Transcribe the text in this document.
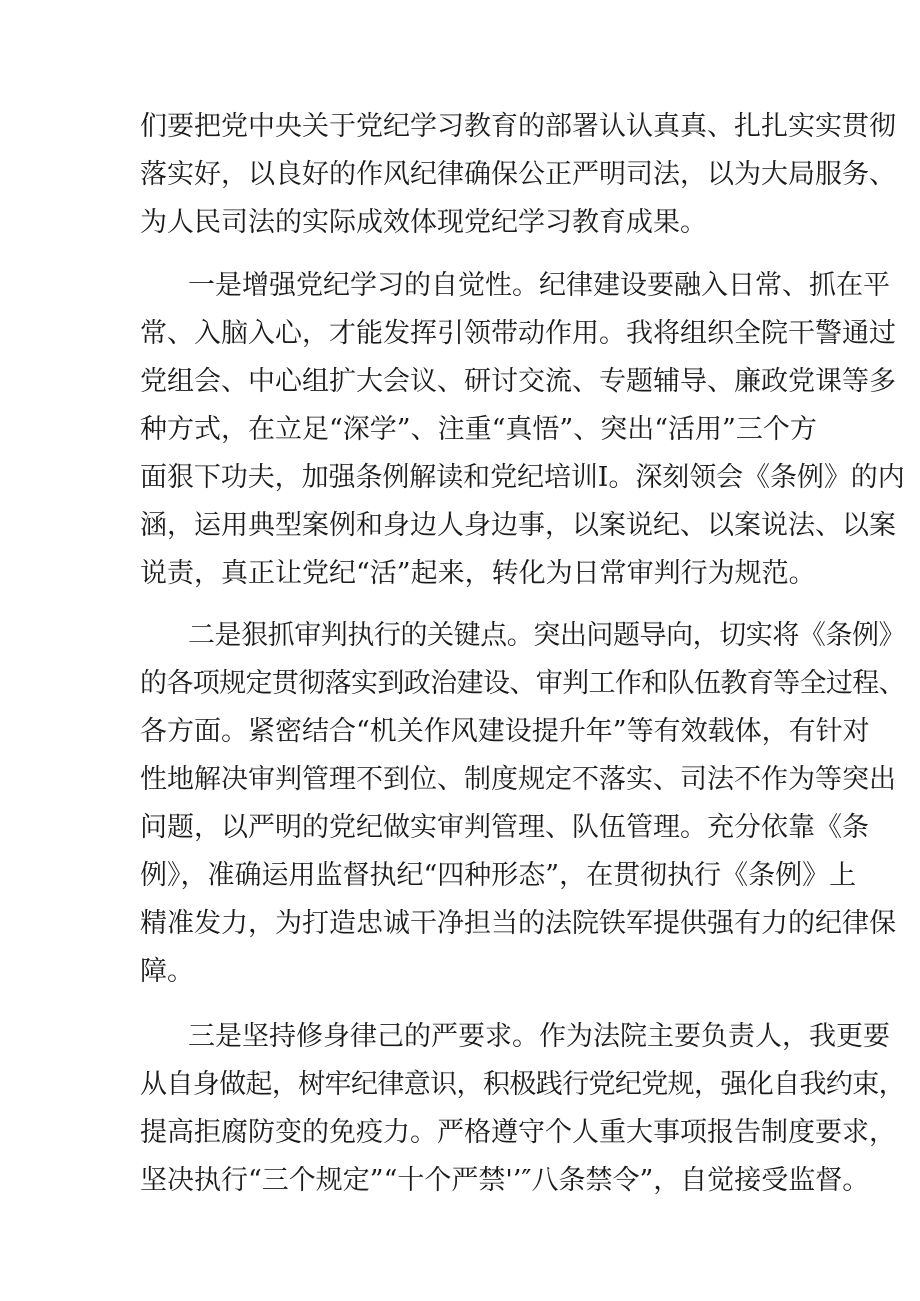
们要把党中央关于党纪学习教育的部署认认真真、扎扎实实贯彻
落实好，以良好的作风纪律确保公正严明司法，以为大局服务、
为人民司法的实际成效体现党纪学习教育成果。
一是增强党纪学习的自觉性。纪律建设要融入日常、抓在平
常、入脑入心，才能发挥引领带动作用。我将组织全院干警通过
党组会、中心组扩大会议、研讨交流、专题辅导、廉政党课等多
种方式，在立足“深学”、注重“真悟”、突出“活用”三个方
面狠下功夫，加强条例解读和党纪培训I。深刻领会《条例》的内
涵，运用典型案例和身边人身边事，以案说纪、以案说法、以案
说责，真正让党纪“活”起来，转化为日常审判行为规范。
二是狠抓审判执行的关键点。突出问题导向，切实将《条例》
的各项规定贯彻落实到政治建设、审判工作和队伍教育等全过程、
各方面。紧密结合“机关作风建设提升年”等有效载体，有针对
性地解决审判管理不到位、制度规定不落实、司法不作为等突出
问题，以严明的党纪做实审判管理、队伍管理。充分依靠《条
例》，准确运用监督执纪“四种形态”，在贯彻执行《条例》上
精准发力，为打造忠诚干净担当的法院铁军提供强有力的纪律保
障。
三是坚持修身律己的严要求。作为法院主要负责人，我更要
从自身做起，树牢纪律意识，积极践行党纪党规，强化自我约束，
提高拒腐防变的免疫力。严格遵守个人重大事项报告制度要求，
坚决执行“三个规定”“十个严禁'’″八条禁令”，自觉接受监督。
